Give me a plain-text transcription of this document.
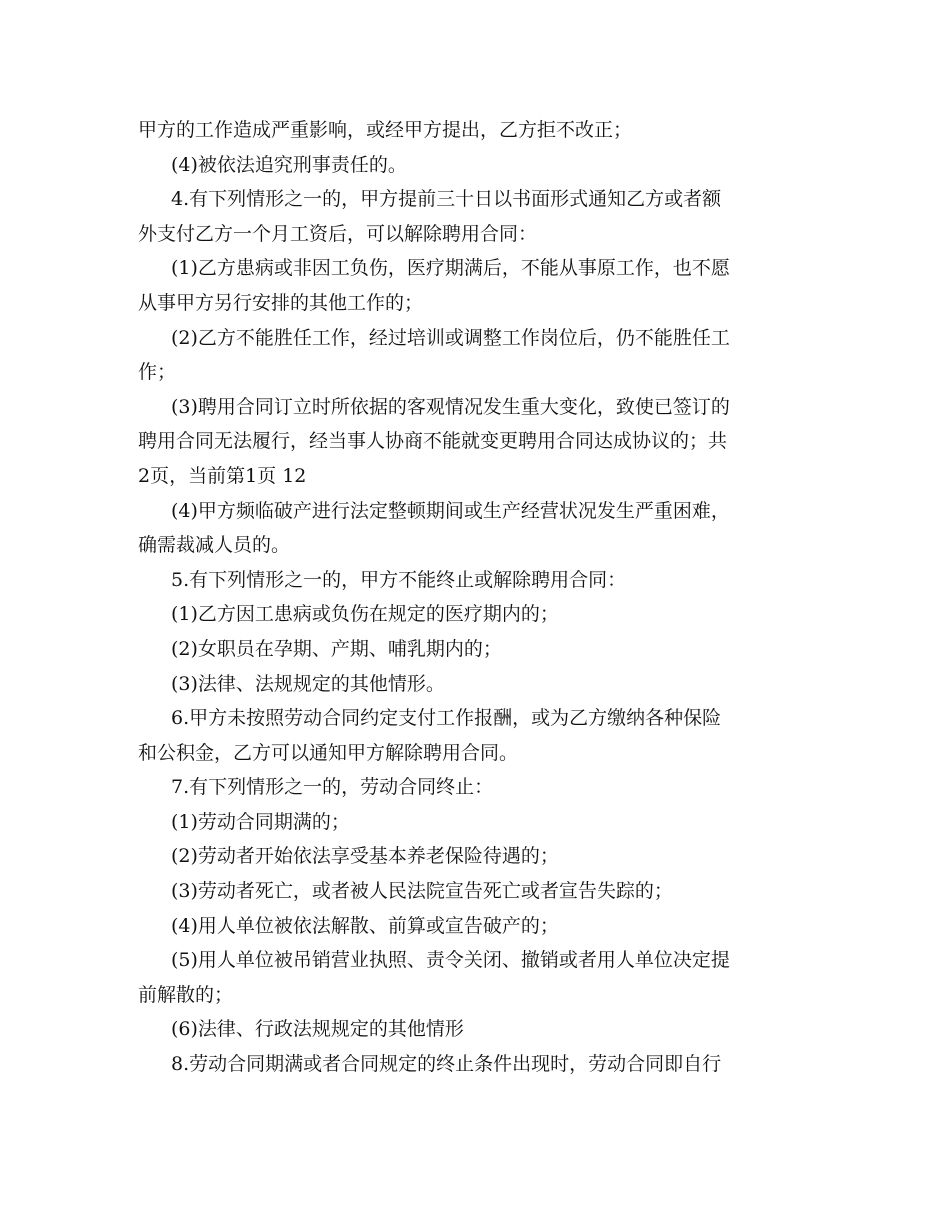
甲方的工作造成严重影响，或经甲方提出，乙方拒不改正；
(4)被依法追究刑事责任的。
4.有下列情形之一的，甲方提前三十日以书面形式通知乙方或者额
外支付乙方一个月工资后，可以解除聘用合同：
(1)乙方患病或非因工负伤，医疗期满后，不能从事原工作，也不愿
从事甲方另行安排的其他工作的；
(2)乙方不能胜任工作，经过培训或调整工作岗位后，仍不能胜任工
作；
(3)聘用合同订立时所依据的客观情况发生重大变化，致使已签订的
聘用合同无法履行，经当事人协商不能就变更聘用合同达成协议的；共
2页，当前第1页 12
(4)甲方频临破产进行法定整顿期间或生产经营状况发生严重困难，
确需裁减人员的。
5.有下列情形之一的，甲方不能终止或解除聘用合同：
(1)乙方因工患病或负伤在规定的医疗期内的；
(2)女职员在孕期、产期、哺乳期内的；
(3)法律、法规规定的其他情形。
6.甲方未按照劳动合同约定支付工作报酬，或为乙方缴纳各种保险
和公积金，乙方可以通知甲方解除聘用合同。
7.有下列情形之一的，劳动合同终止：
(1)劳动合同期满的；
(2)劳动者开始依法享受基本养老保险待遇的；
(3)劳动者死亡，或者被人民法院宣告死亡或者宣告失踪的；
(4)用人单位被依法解散、前算或宣告破产的；
(5)用人单位被吊销营业执照、责令关闭、撤销或者用人单位决定提
前解散的；
(6)法律、行政法规规定的其他情形
8.劳动合同期满或者合同规定的终止条件出现时，劳动合同即自行
